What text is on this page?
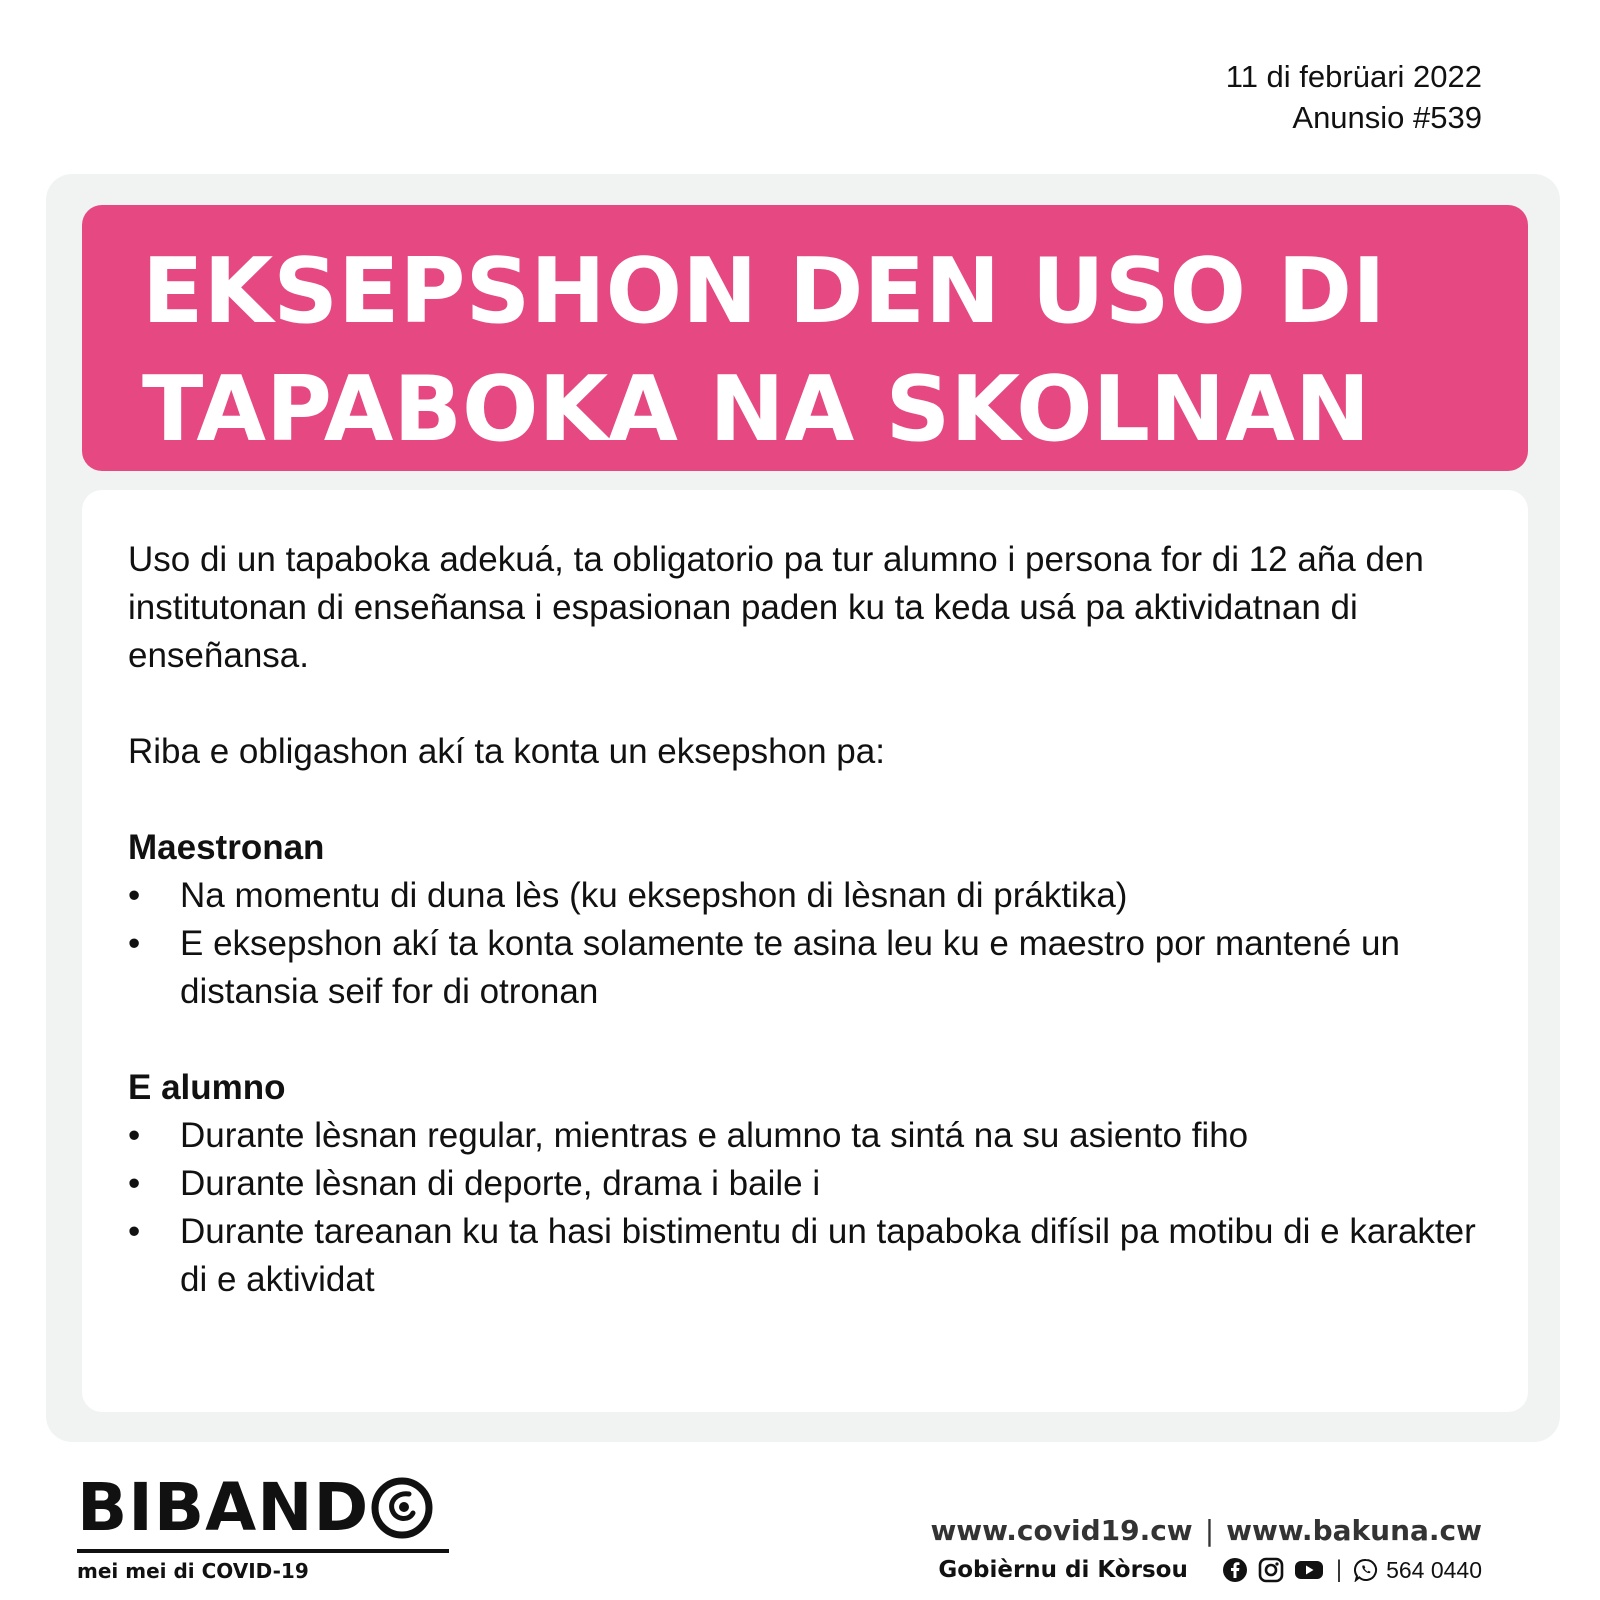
11 di febrüari 2022
Anunsio #539
EKSEPSHON DEN USO DI
TAPABOKA NA SKOLNAN

Uso di un tapaboka adekuá, ta obligatorio pa tur alumno i persona for di 12 aña den institutonan di enseñansa i espasionan paden ku ta keda usá pa aktividatnan di enseñansa.

Riba e obligashon akí ta konta un eksepshon pa:

Maestronan
• Na momentu di duna lès (ku eksepshon di lèsnan di práktika)
• E eksepshon akí ta konta solamente te asina leu ku e maestro por mantené un distansia seif for di otronan
E alumno
• Durante lèsnan regular, mientras e alumno ta sintá na su asiento fiho
• Durante lèsnan di deporte, drama i baile i
• Durante tareanan ku ta hasi bistimentu di un tapaboka difísil pa motibu di e karakter di e aktividat
BIBAND
mei mei di COVID-19
www.covid19.cw | www.bakuna.cw
Gobièrnu di Kòrsou	| 564 0440
